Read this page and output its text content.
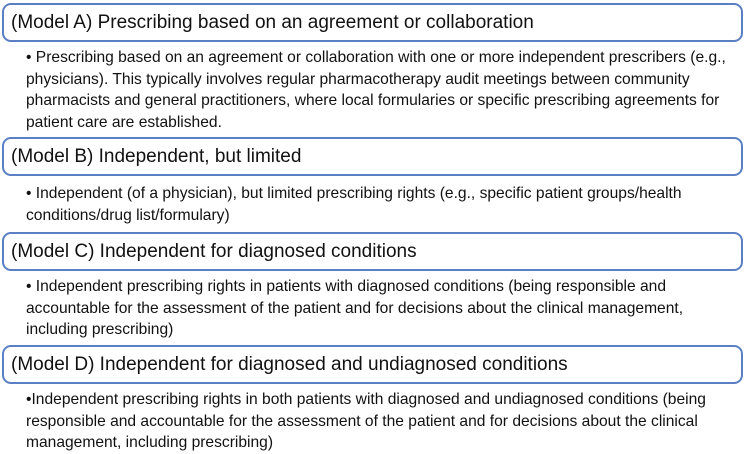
(Model A) Prescribing based on an agreement or collaboration
• Prescribing based on an agreement or collaboration with one or more independent prescribers (e.g., physicians). This typically involves regular pharmacotherapy audit meetings between community pharmacists and general practitioners, where local formularies or specific prescribing agreements for patient care are established.
(Model B) Independent, but limited
• Independent (of a physician), but limited prescribing rights (e.g., specific patient groups/health conditions/drug list/formulary)
(Model C) Independent for diagnosed conditions
• Independent prescribing rights in patients with diagnosed conditions (being responsible and accountable for the assessment of the patient and for decisions about the clinical management, including prescribing)
(Model D) Independent for diagnosed and undiagnosed conditions
•Independent prescribing rights in both patients with diagnosed and undiagnosed conditions (being responsible and accountable for the assessment of the patient and for decisions about the clinical management, including prescribing)
